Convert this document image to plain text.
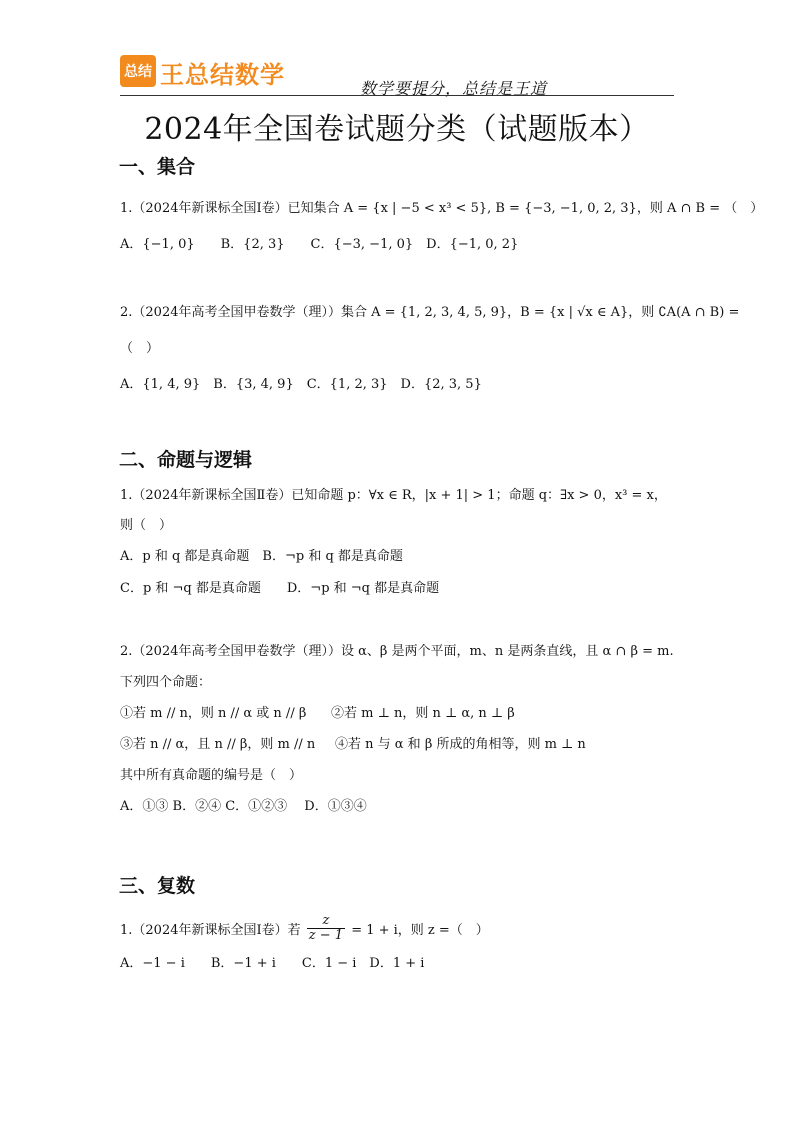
总结 王总结数学	数学要提分，总结是王道
2024年全国卷试题分类（试题版本）
一、集合
1.（2024年新课标全国Ⅰ卷）已知集合 A = {x | −5 < x³ < 5}, B = {−3, −1, 0, 2, 3}，则 A ∩ B = （　）
A．{−1, 0}　　B．{2, 3}　　C．{−3, −1, 0}　D．{−1, 0, 2}
2.（2024年高考全国甲卷数学（理））集合 A = {1, 2, 3, 4, 5, 9}，B = {x | √x ∈ A}，则 ∁A(A ∩ B) =
（　）
A．{1, 4, 9}　B．{3, 4, 9}　C．{1, 2, 3}　D．{2, 3, 5}
二、命题与逻辑
1.（2024年新课标全国Ⅱ卷）已知命题 p：∀x ∈ R，|x + 1| > 1；命题 q：∃x > 0，x³ = x，
则（　）
A．p 和 q 都是真命题　B．¬p 和 q 都是真命题
C．p 和 ¬q 都是真命题　　D．¬p 和 ¬q 都是真命题
2.（2024年高考全国甲卷数学（理））设 α、β 是两个平面，m、n 是两条直线，且 α ∩ β = m.
下列四个命题：
①若 m // n，则 n // α 或 n // β ②若 m ⊥ n，则 n ⊥ α, n ⊥ β
③若 n // α，且 n // β，则 m // n ④若 n 与 α 和 β 所成的角相等，则 m ⊥ n
其中所有真命题的编号是（　）
A．①③ B．②④ C．①②③　 D．①③④
三、复数
1.（2024年新课标全国Ⅰ卷）若 $\frac{z}{z - 1} = 1 + i$，则 z =（　）
A．−1 − i　　B．−1 + i　　C．1 − i　D．1 + i
